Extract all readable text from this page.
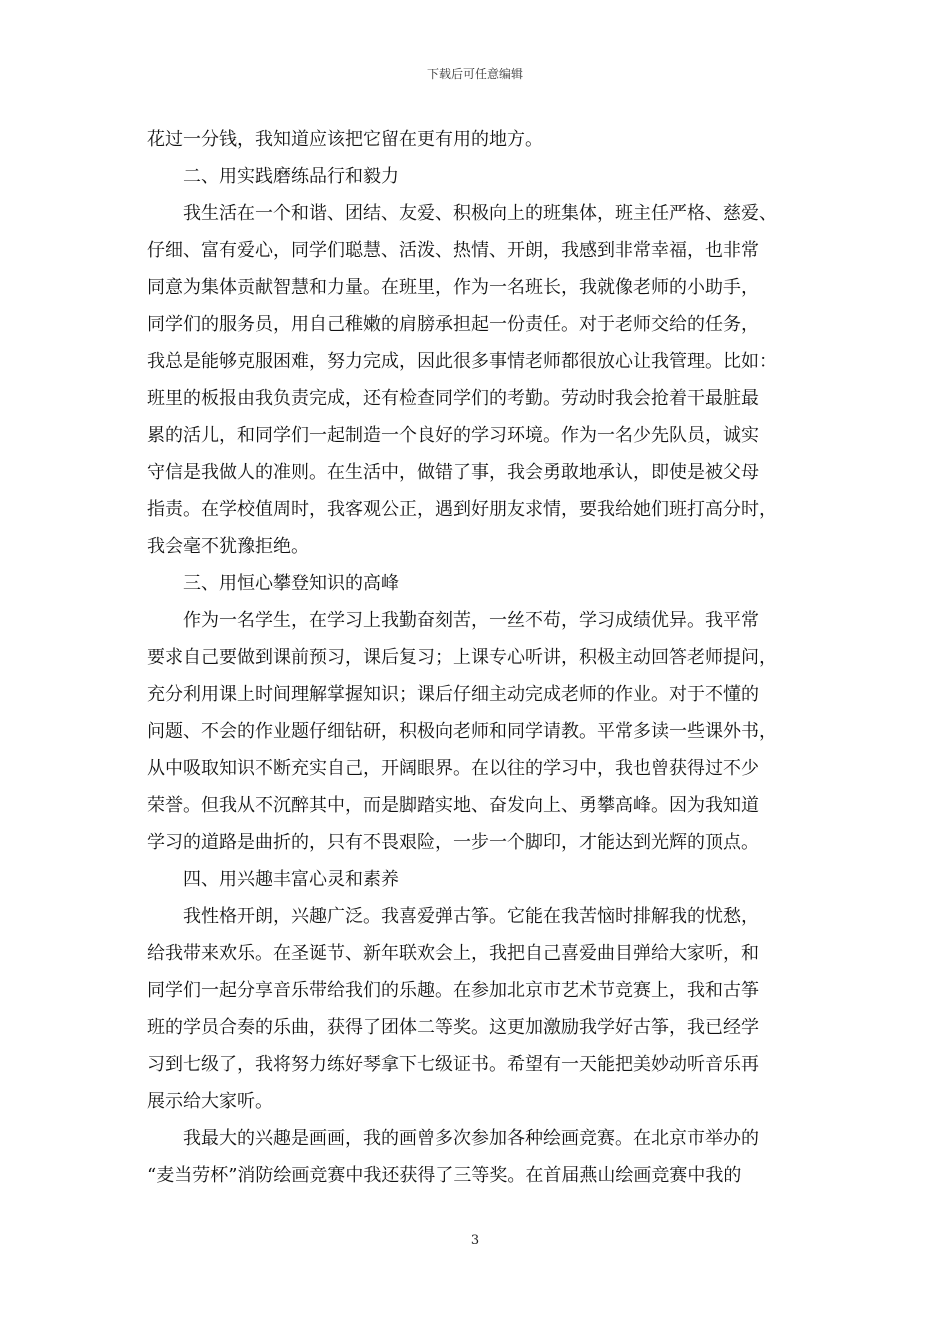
下载后可任意编辑
花过一分钱，我知道应该把它留在更有用的地方。
　　二、用实践磨练品行和毅力
　　我生活在一个和谐、团结、友爱、积极向上的班集体，班主任严格、慈爱、
仔细、富有爱心，同学们聪慧、活泼、热情、开朗，我感到非常幸福，也非常
同意为集体贡献智慧和力量。在班里，作为一名班长，我就像老师的小助手，
同学们的服务员，用自己稚嫩的肩膀承担起一份责任。对于老师交给的任务，
我总是能够克服困难，努力完成，因此很多事情老师都很放心让我管理。比如：
班里的板报由我负责完成，还有检查同学们的考勤。劳动时我会抢着干最脏最
累的活儿，和同学们一起制造一个良好的学习环境。作为一名少先队员，诚实
守信是我做人的准则。在生活中，做错了事，我会勇敢地承认，即使是被父母
指责。在学校值周时，我客观公正，遇到好朋友求情，要我给她们班打高分时，
我会毫不犹豫拒绝。
　　三、用恒心攀登知识的高峰
　　作为一名学生，在学习上我勤奋刻苦，一丝不苟，学习成绩优异。我平常
要求自己要做到课前预习，课后复习；上课专心听讲，积极主动回答老师提问，
充分利用课上时间理解掌握知识；课后仔细主动完成老师的作业。对于不懂的
问题、不会的作业题仔细钻研，积极向老师和同学请教。平常多读一些课外书，
从中吸取知识不断充实自己，开阔眼界。在以往的学习中，我也曾获得过不少
荣誉。但我从不沉醉其中，而是脚踏实地、奋发向上、勇攀高峰。因为我知道
学习的道路是曲折的，只有不畏艰险，一步一个脚印，才能达到光辉的顶点。
　　四、用兴趣丰富心灵和素养
　　我性格开朗，兴趣广泛。我喜爱弹古筝。它能在我苦恼时排解我的忧愁，
给我带来欢乐。在圣诞节、新年联欢会上，我把自己喜爱曲目弹给大家听，和
同学们一起分享音乐带给我们的乐趣。在参加北京市艺术节竞赛上，我和古筝
班的学员合奏的乐曲，获得了团体二等奖。这更加激励我学好古筝，我已经学
习到七级了，我将努力练好琴拿下七级证书。希望有一天能把美妙动听音乐再
展示给大家听。
　　我最大的兴趣是画画，我的画曾多次参加各种绘画竞赛。在北京市举办的
“麦当劳杯”消防绘画竞赛中我还获得了三等奖。在首届燕山绘画竞赛中我的
3
